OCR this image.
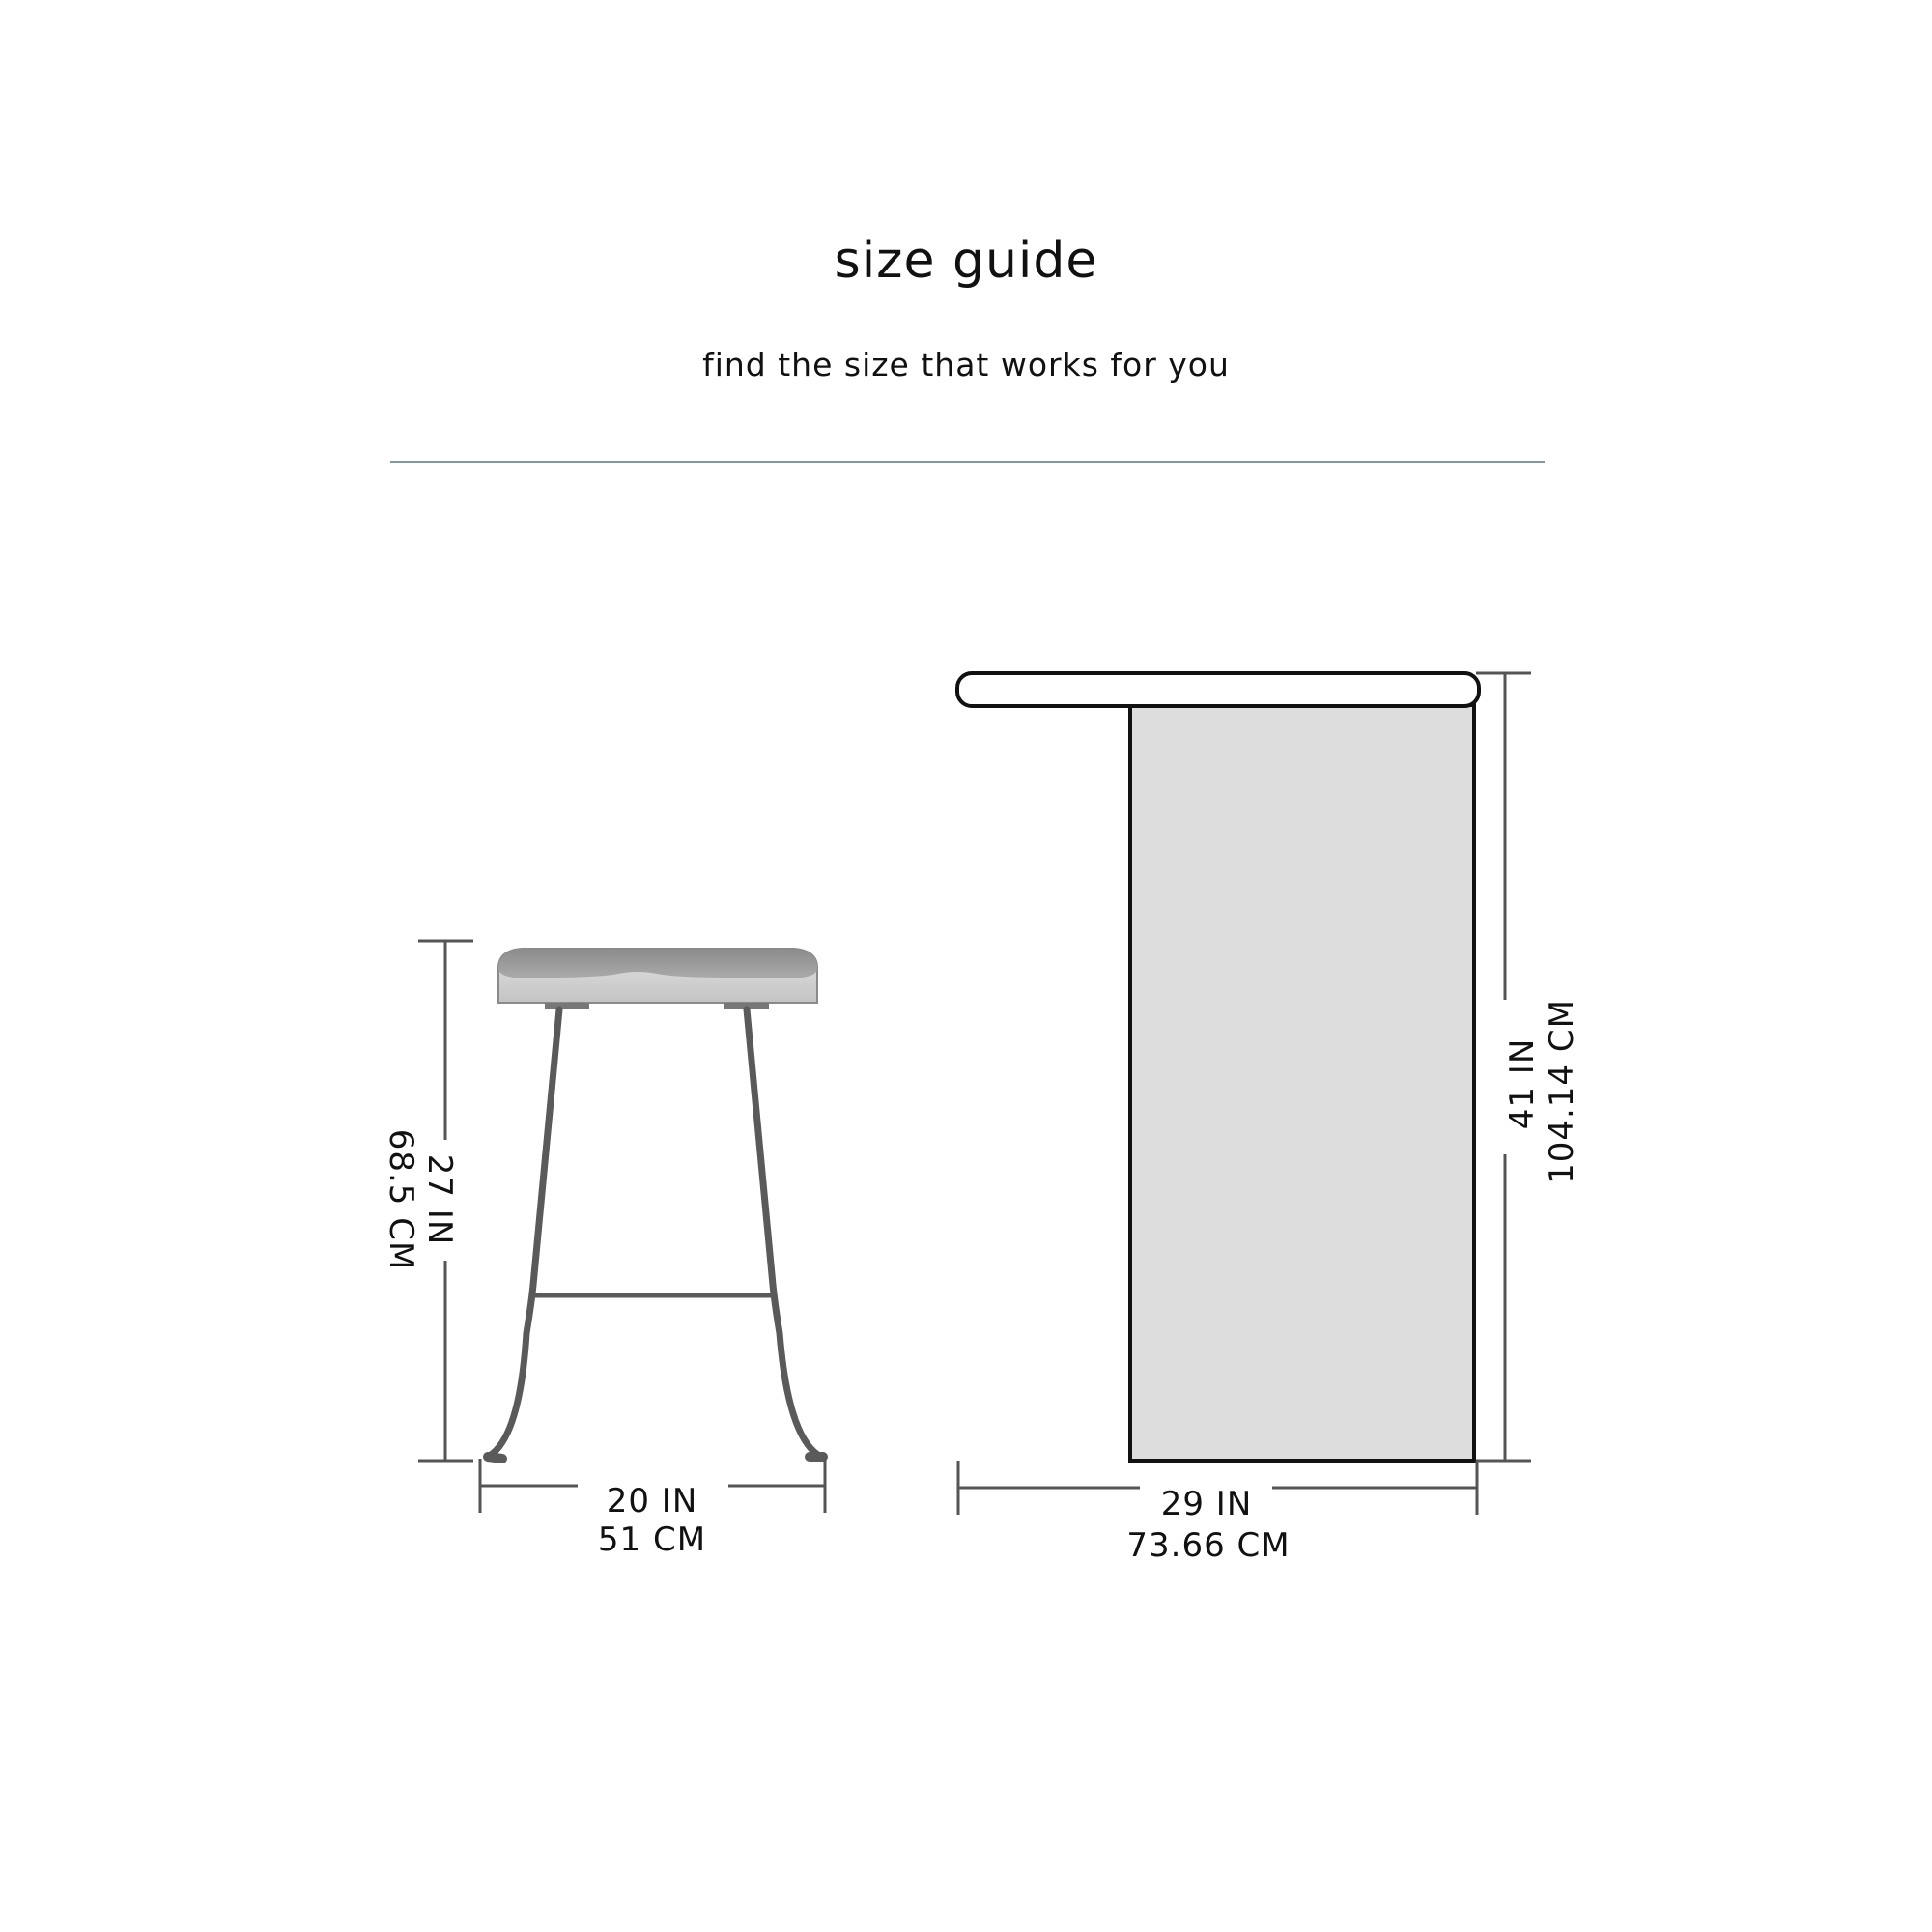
size guide

find the size that works for you

27 IN
68.5 CM
20 IN
51 CM
41 IN 104.14 CM
29 IN
73.66 CM
